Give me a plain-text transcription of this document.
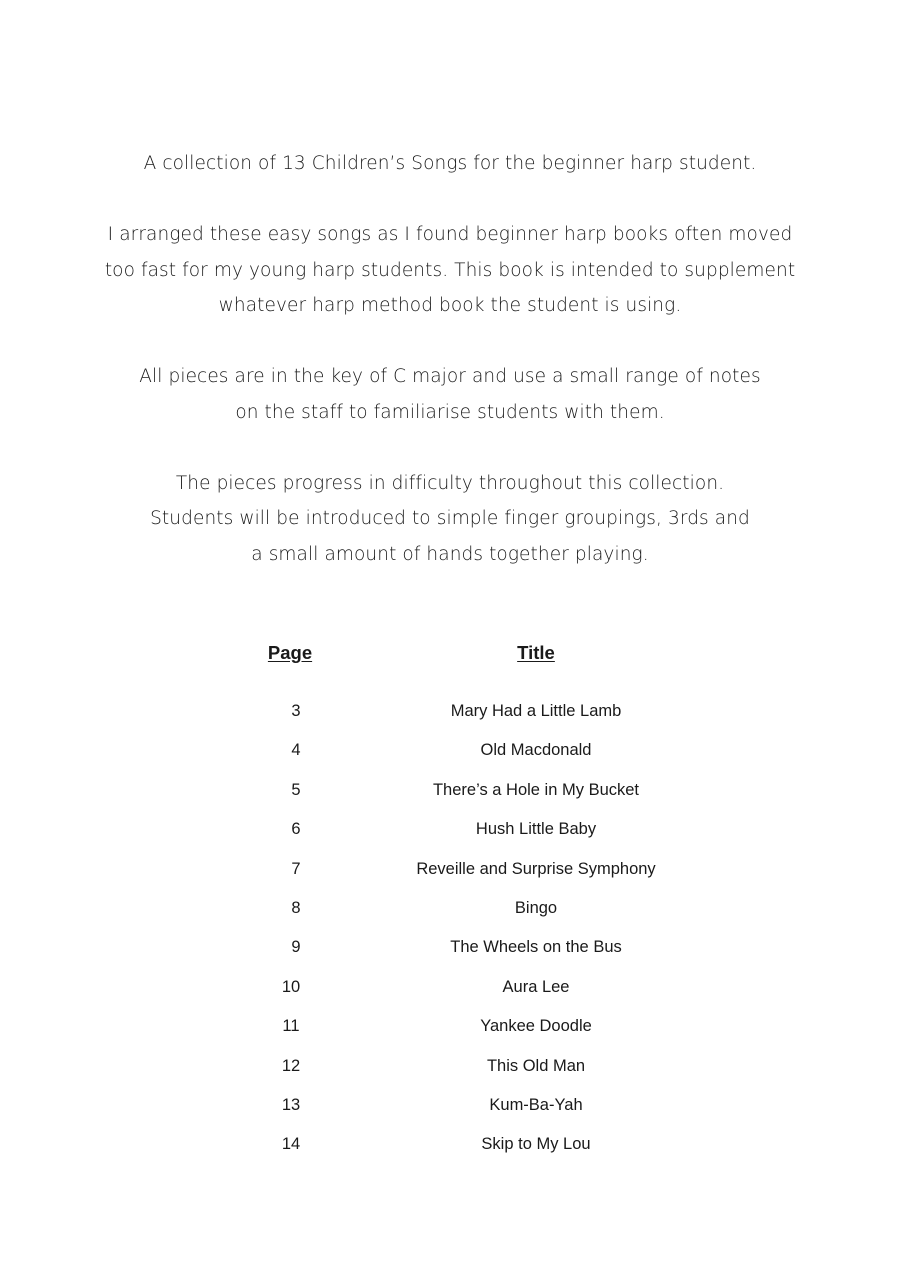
A collection of 13 Children’s Songs for the beginner harp student.
I arranged these easy songs as I found beginner harp books often moved
too fast for my young harp students. This book is intended to supplement
whatever harp method book the student is using.
All pieces are in the key of C major and use a small range of notes
on the staff to familiarise students with them.
The pieces progress in difficulty throughout this collection.
Students will be introduced to simple finger groupings, 3rds and
a small amount of hands together playing.
Page	Title
3	Mary Had a Little Lamb
4	Old Macdonald
5	There’s a Hole in My Bucket
6	Hush Little Baby
7	Reveille and Surprise Symphony
8	Bingo
9	The Wheels on the Bus
10	Aura Lee
11	Yankee Doodle
12	This Old Man
13	Kum-Ba-Yah
14	Skip to My Lou
